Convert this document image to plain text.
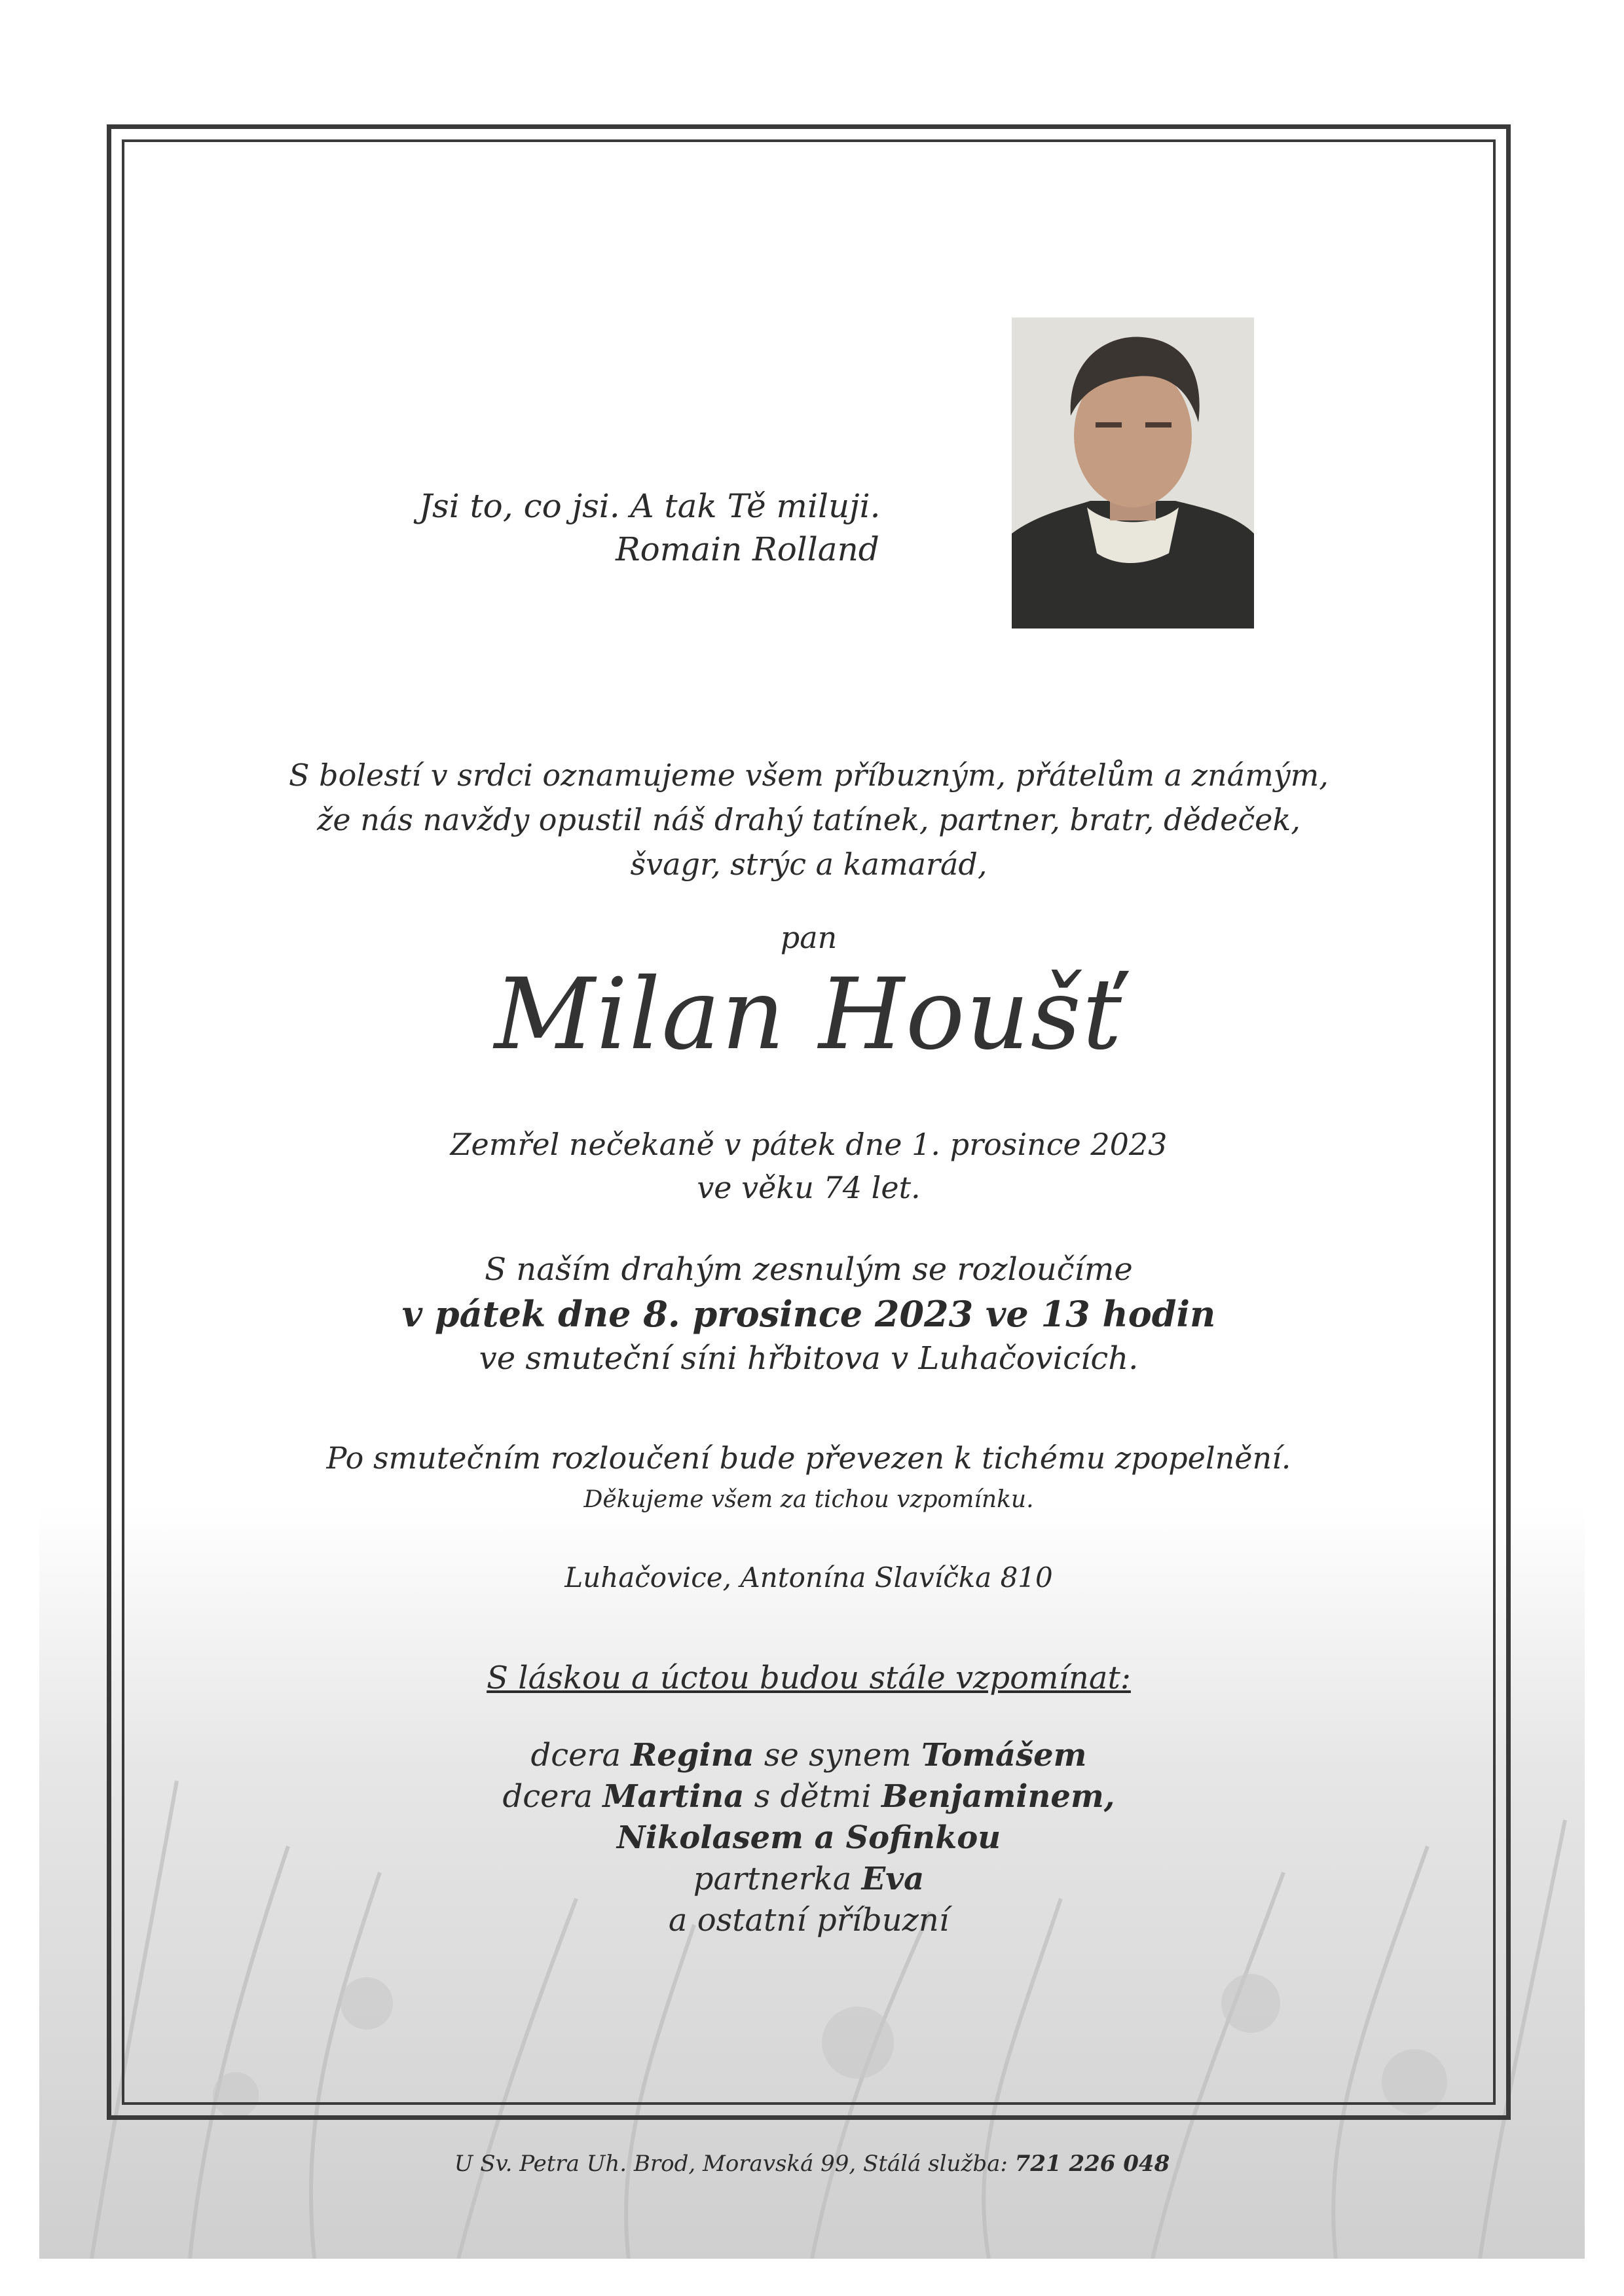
Jsi to, co jsi. A tak Tě miluji.
Romain Rolland
S bolestí v srdci oznamujeme všem příbuzným, přátelům a známým,
že nás navždy opustil náš drahý tatínek, partner, bratr, dědeček,
švagr, strýc a kamarád,
pan
Milan Houšť
Zemřel nečekaně v pátek dne 1. prosince 2023
ve věku 74 let.
S naším drahým zesnulým se rozloučíme
v pátek dne 8. prosince 2023 ve 13 hodin
ve smuteční síni hřbitova v Luhačovicích.
Po smutečním rozloučení bude převezen k tichému zpopelnění.
Děkujeme všem za tichou vzpomínku.
Luhačovice, Antonína Slavíčka 810
S láskou a úctou budou stále vzpomínat:
dcera Regina se synem Tomášem
dcera Martina s dětmi Benjaminem,
Nikolasem a Sofinkou
partnerka Eva
a ostatní příbuzní
U Sv. Petra Uh. Brod, Moravská 99, Stálá služba: 721 226 048
